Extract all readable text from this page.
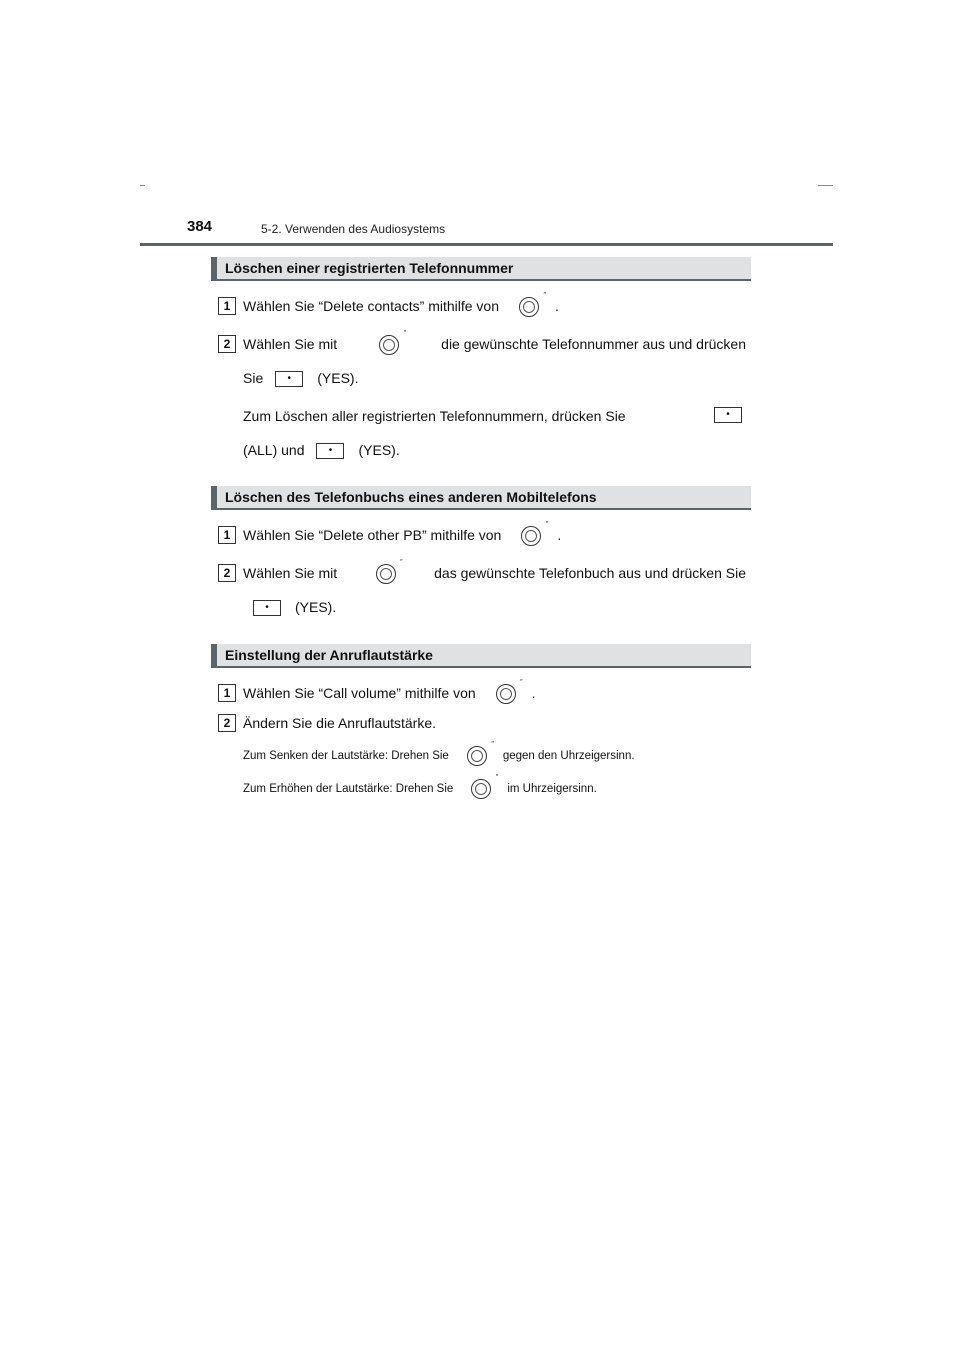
384	5-2. Verwenden des Audiosystems
Löschen einer registrierten Telefonnummer
1 Wählen Sie “Delete contacts” mithilfe von
″
.
2 Wählen Sie mit
″
die gewünschte Telefonnummer aus und drücken
Sie • (YES).
Zum Löschen aller registrierten Telefonnummern, drücken Sie	•
(ALL) und • (YES).
Löschen des Telefonbuchs eines anderen Mobiltelefons
1 Wählen Sie “Delete other PB” mithilfe von
″
.
2 Wählen Sie mit
″
das gewünschte Telefonbuch aus und drücken Sie
• (YES).
Einstellung der Anruflautstärke
1 Wählen Sie “Call volume” mithilfe von
″
.
2 Ändern Sie die Anruflautstärke.
Zum Senken der Lautstärke: Drehen Sie
″
gegen den Uhrzeigersinn.
Zum Erhöhen der Lautstärke: Drehen Sie
″
im Uhrzeigersinn.
